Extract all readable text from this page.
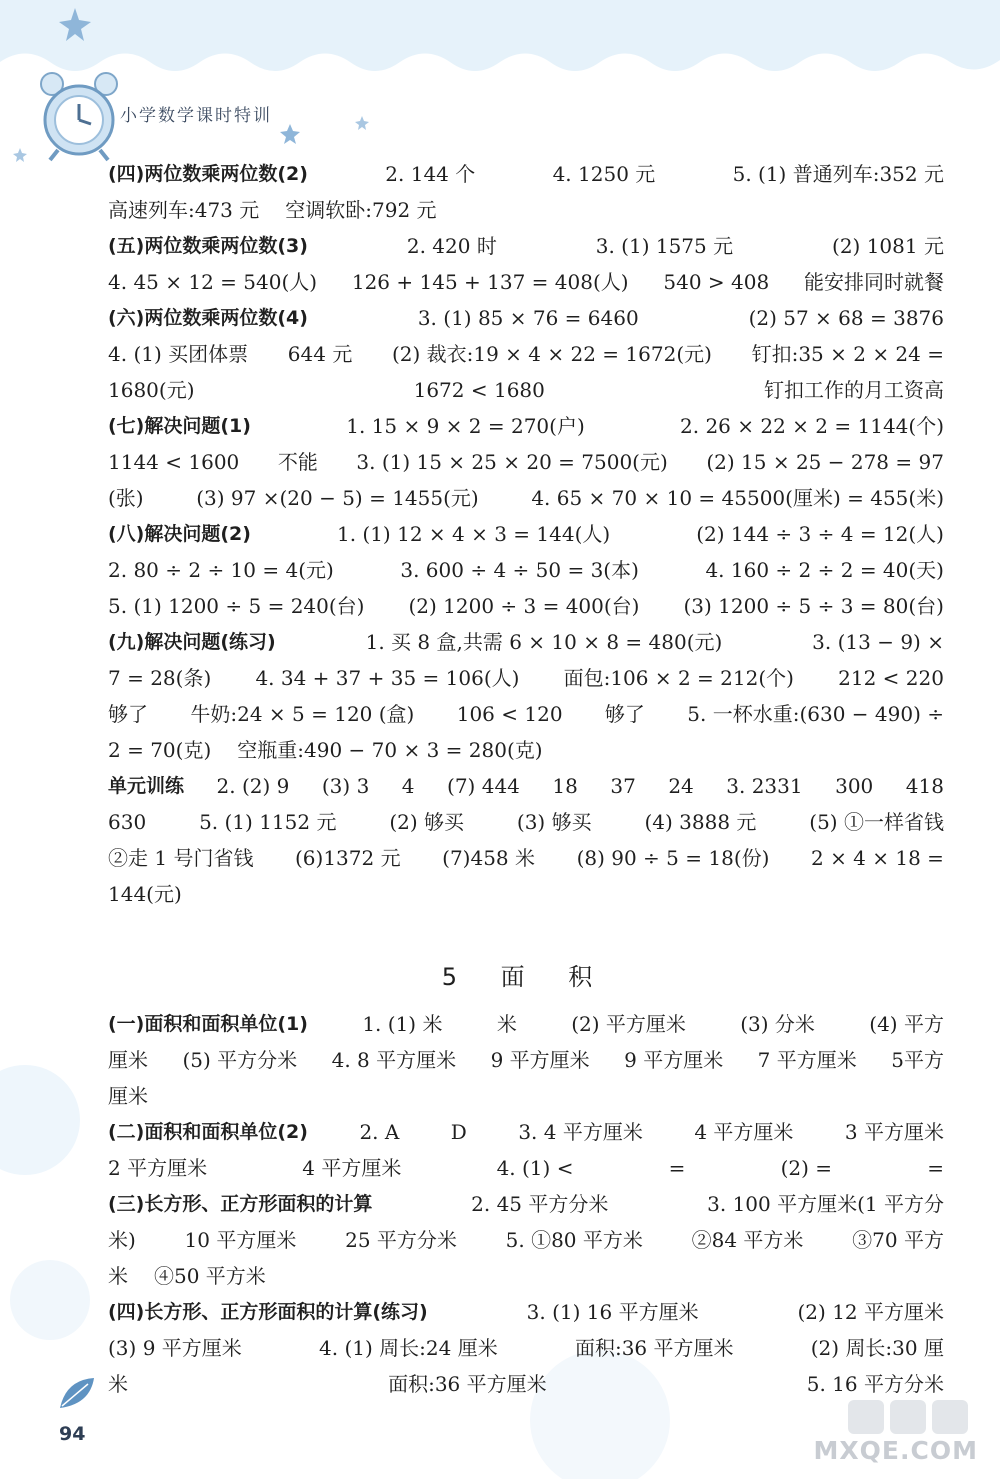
小学数学课时特训
(四)两位数乘两位数(2)	2. 144 个	4. 1250 元	5. (1) 普通列车:352 元
高速列车:473 元 空调软卧:792 元
(五)两位数乘两位数(3)	2. 420 时	3. (1) 1575 元	(2) 1081 元
4. 45 × 12 = 540(人) 126 + 145 + 137 = 408(人) 540 > 408 能安排同时就餐
(六)两位数乘两位数(4)	3. (1) 85 × 76 = 6460	(2) 57 × 68 = 3876
4. (1) 买团体票 644 元 (2) 裁衣:19 × 4 × 22 = 1672(元) 钉扣:35 × 2 × 24 =
1680(元)	1672 < 1680	钉扣工作的月工资高
(七)解决问题(1)	1. 15 × 9 × 2 = 270(户)	2. 26 × 22 × 2 = 1144(个)
1144 < 1600 不能 3. (1) 15 × 25 × 20 = 7500(元) (2) 15 × 25 − 278 = 97
(张)	(3) 97 ×(20 − 5) = 1455(元)	4. 65 × 70 × 10 = 45500(厘米) = 455(米)
(八)解决问题(2)	1. (1) 12 × 4 × 3 = 144(人)	(2) 144 ÷ 3 ÷ 4 = 12(人)
2. 80 ÷ 2 ÷ 10 = 4(元)	3. 600 ÷ 4 ÷ 50 = 3(本)	4. 160 ÷ 2 ÷ 2 = 40(天)
5. (1) 1200 ÷ 5 = 240(台) (2) 1200 ÷ 3 = 400(台) (3) 1200 ÷ 5 ÷ 3 = 80(台)
(九)解决问题(练习)	1. 买 8 盒,共需 6 × 10 × 8 = 480(元)	3. (13 − 9) ×
7 = 28(条) 4. 34 + 37 + 35 = 106(人) 面包:106 × 2 = 212(个) 212 < 220
够了 牛奶:24 × 5 = 120 (盒) 106 < 120 够了 5. 一杯水重:(630 − 490) ÷
2 = 70(克) 空瓶重:490 − 70 × 3 = 280(克)
单元训练 2. (2) 9 (3) 3 4 (7) 444 18 37 24 3. 2331 300 418
630	5. (1) 1152 元	(2) 够买	(3) 够买	(4) 3888 元	(5) ①一样省钱
②走 1 号门省钱 (6)1372 元 (7)458 米 (8) 90 ÷ 5 = 18(份) 2 × 4 × 18 =
144(元)
5 面 积
(一)面积和面积单位(1)	1. (1) 米	米	(2) 平方厘米	(3) 分米	(4) 平方
厘米 (5) 平方分米 4. 8 平方厘米 9 平方厘米 9 平方厘米 7 平方厘米 5平方
厘米
(二)面积和面积单位(2)	2. A	D	3. 4 平方厘米	4 平方厘米	3 平方厘米
2 平方厘米	4 平方厘米	4. (1) <	=	(2) =	=
(三)长方形、正方形面积的计算	2. 45 平方分米	3. 100 平方厘米(1 平方分
米) 10 平方厘米 25 平方分米 5. ①80 平方米 ②84 平方米 ③70 平方
米 ④50 平方米
(四)长方形、正方形面积的计算(练习)	3. (1) 16 平方厘米	(2) 12 平方厘米
(3) 9 平方厘米	4. (1) 周长:24 厘米	面积:36 平方厘米	(2) 周长:30 厘
米	面积:36 平方厘米	5. 16 平方分米
94
MXQE.COM
